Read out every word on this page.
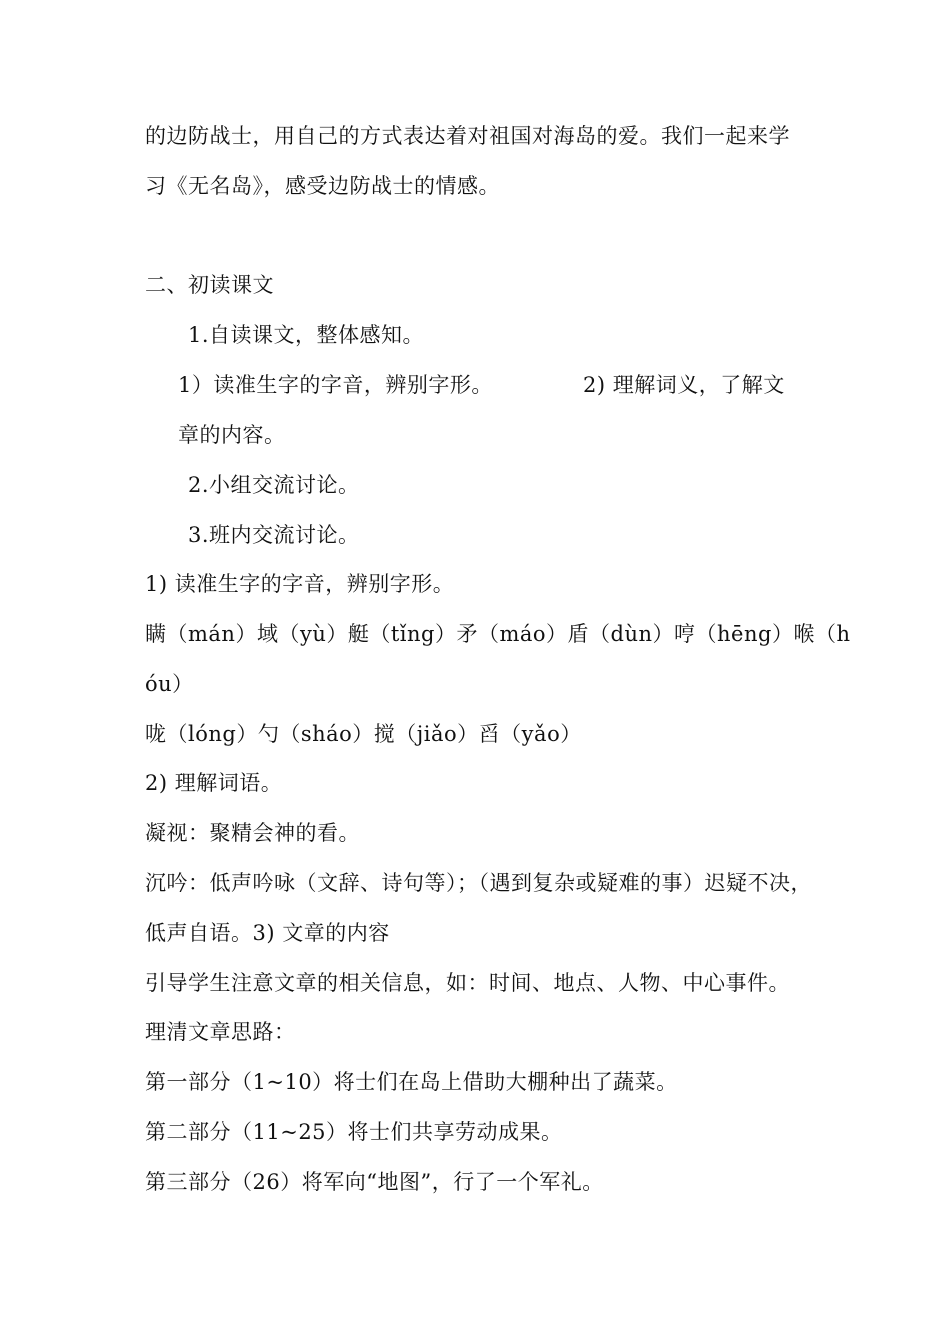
的边防战士，用自己的方式表达着对祖国对海岛的爱。我们一起来学
习《无名岛》，感受边防战士的情感。
二、初读课文
1.自读课文，整体感知。
1）读准生字的字音，辨别字形。	2) 理解词义，了解文
章的内容。
2.小组交流讨论。
3.班内交流讨论。
1) 读准生字的字音，辨别字形。
瞒（mán）域（yù）艇（tǐng）矛（máo）盾（dùn）哼（hēng）喉（h
óu）
咙（lóng）勺（sháo）搅（jiǎo）舀（yǎo）
2) 理解词语。
凝视：聚精会神的看。
沉吟：低声吟咏（文辞、诗句等）；（遇到复杂或疑难的事）迟疑不决，
低声自语。3) 文章的内容
引导学生注意文章的相关信息，如：时间、地点、人物、中心事件。
理清文章思路：
第一部分（1~10）将士们在岛上借助大棚种出了蔬菜。
第二部分（11~25）将士们共享劳动成果。
第三部分（26）将军向“地图”，行了一个军礼。
